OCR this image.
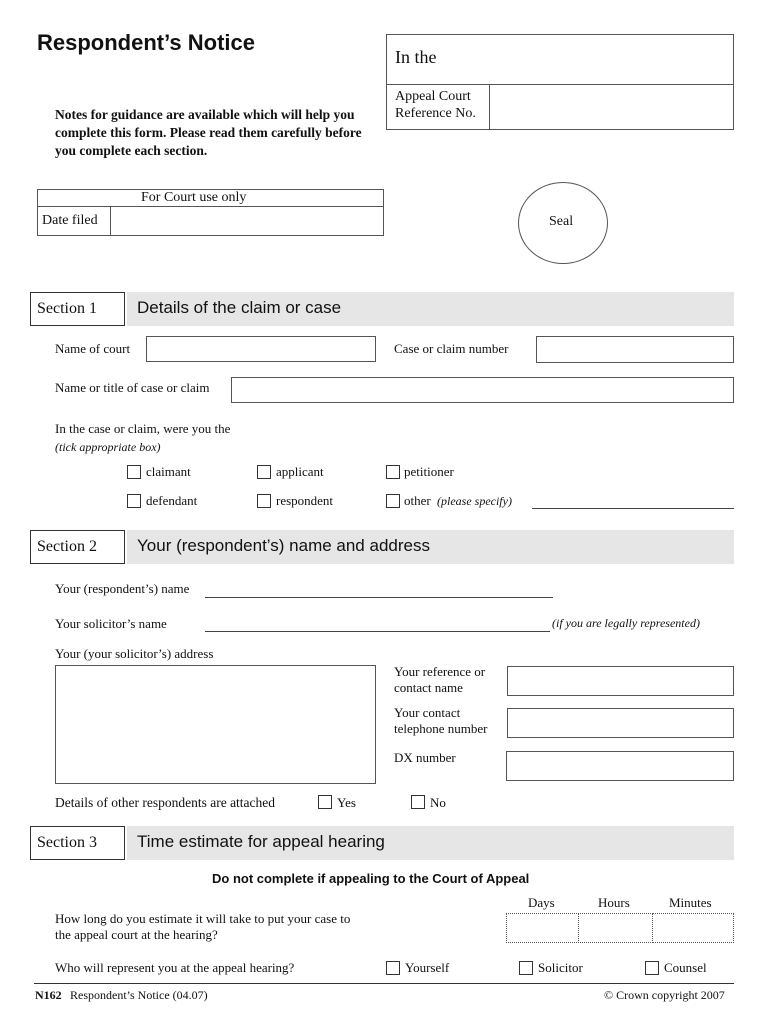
Respondent’s Notice
Notes for guidance are available which will help you complete this form. Please read them carefully before you complete each section.
In the
Appeal Court Reference No.
For Court use only
Date filed	Seal
Section 1	Details of the claim or case
Name of court	Case or claim number
Name or title of case or claim
In the case or claim, were you the
(tick appropriate box)
claimant	applicant	petitioner
defendant	respondent	other (please specify)
Section 2	Your (respondent’s) name and address
Your (respondent’s) name
Your solicitor’s name	(if you are legally represented)
Your (your solicitor’s) address
Your reference or
contact name
Your contact
telephone number
DX number
Details of other respondents are attached	Yes	No
Section 3	Time estimate for appeal hearing
Do not complete if appealing to the Court of Appeal
Days	Hours	Minutes
How long do you estimate it will take to put your case to
the appeal court at the hearing?
Who will represent you at the appeal hearing?	Yourself	Solicitor	Counsel
N162 Respondent’s Notice (04.07)	© Crown copyright 2007
